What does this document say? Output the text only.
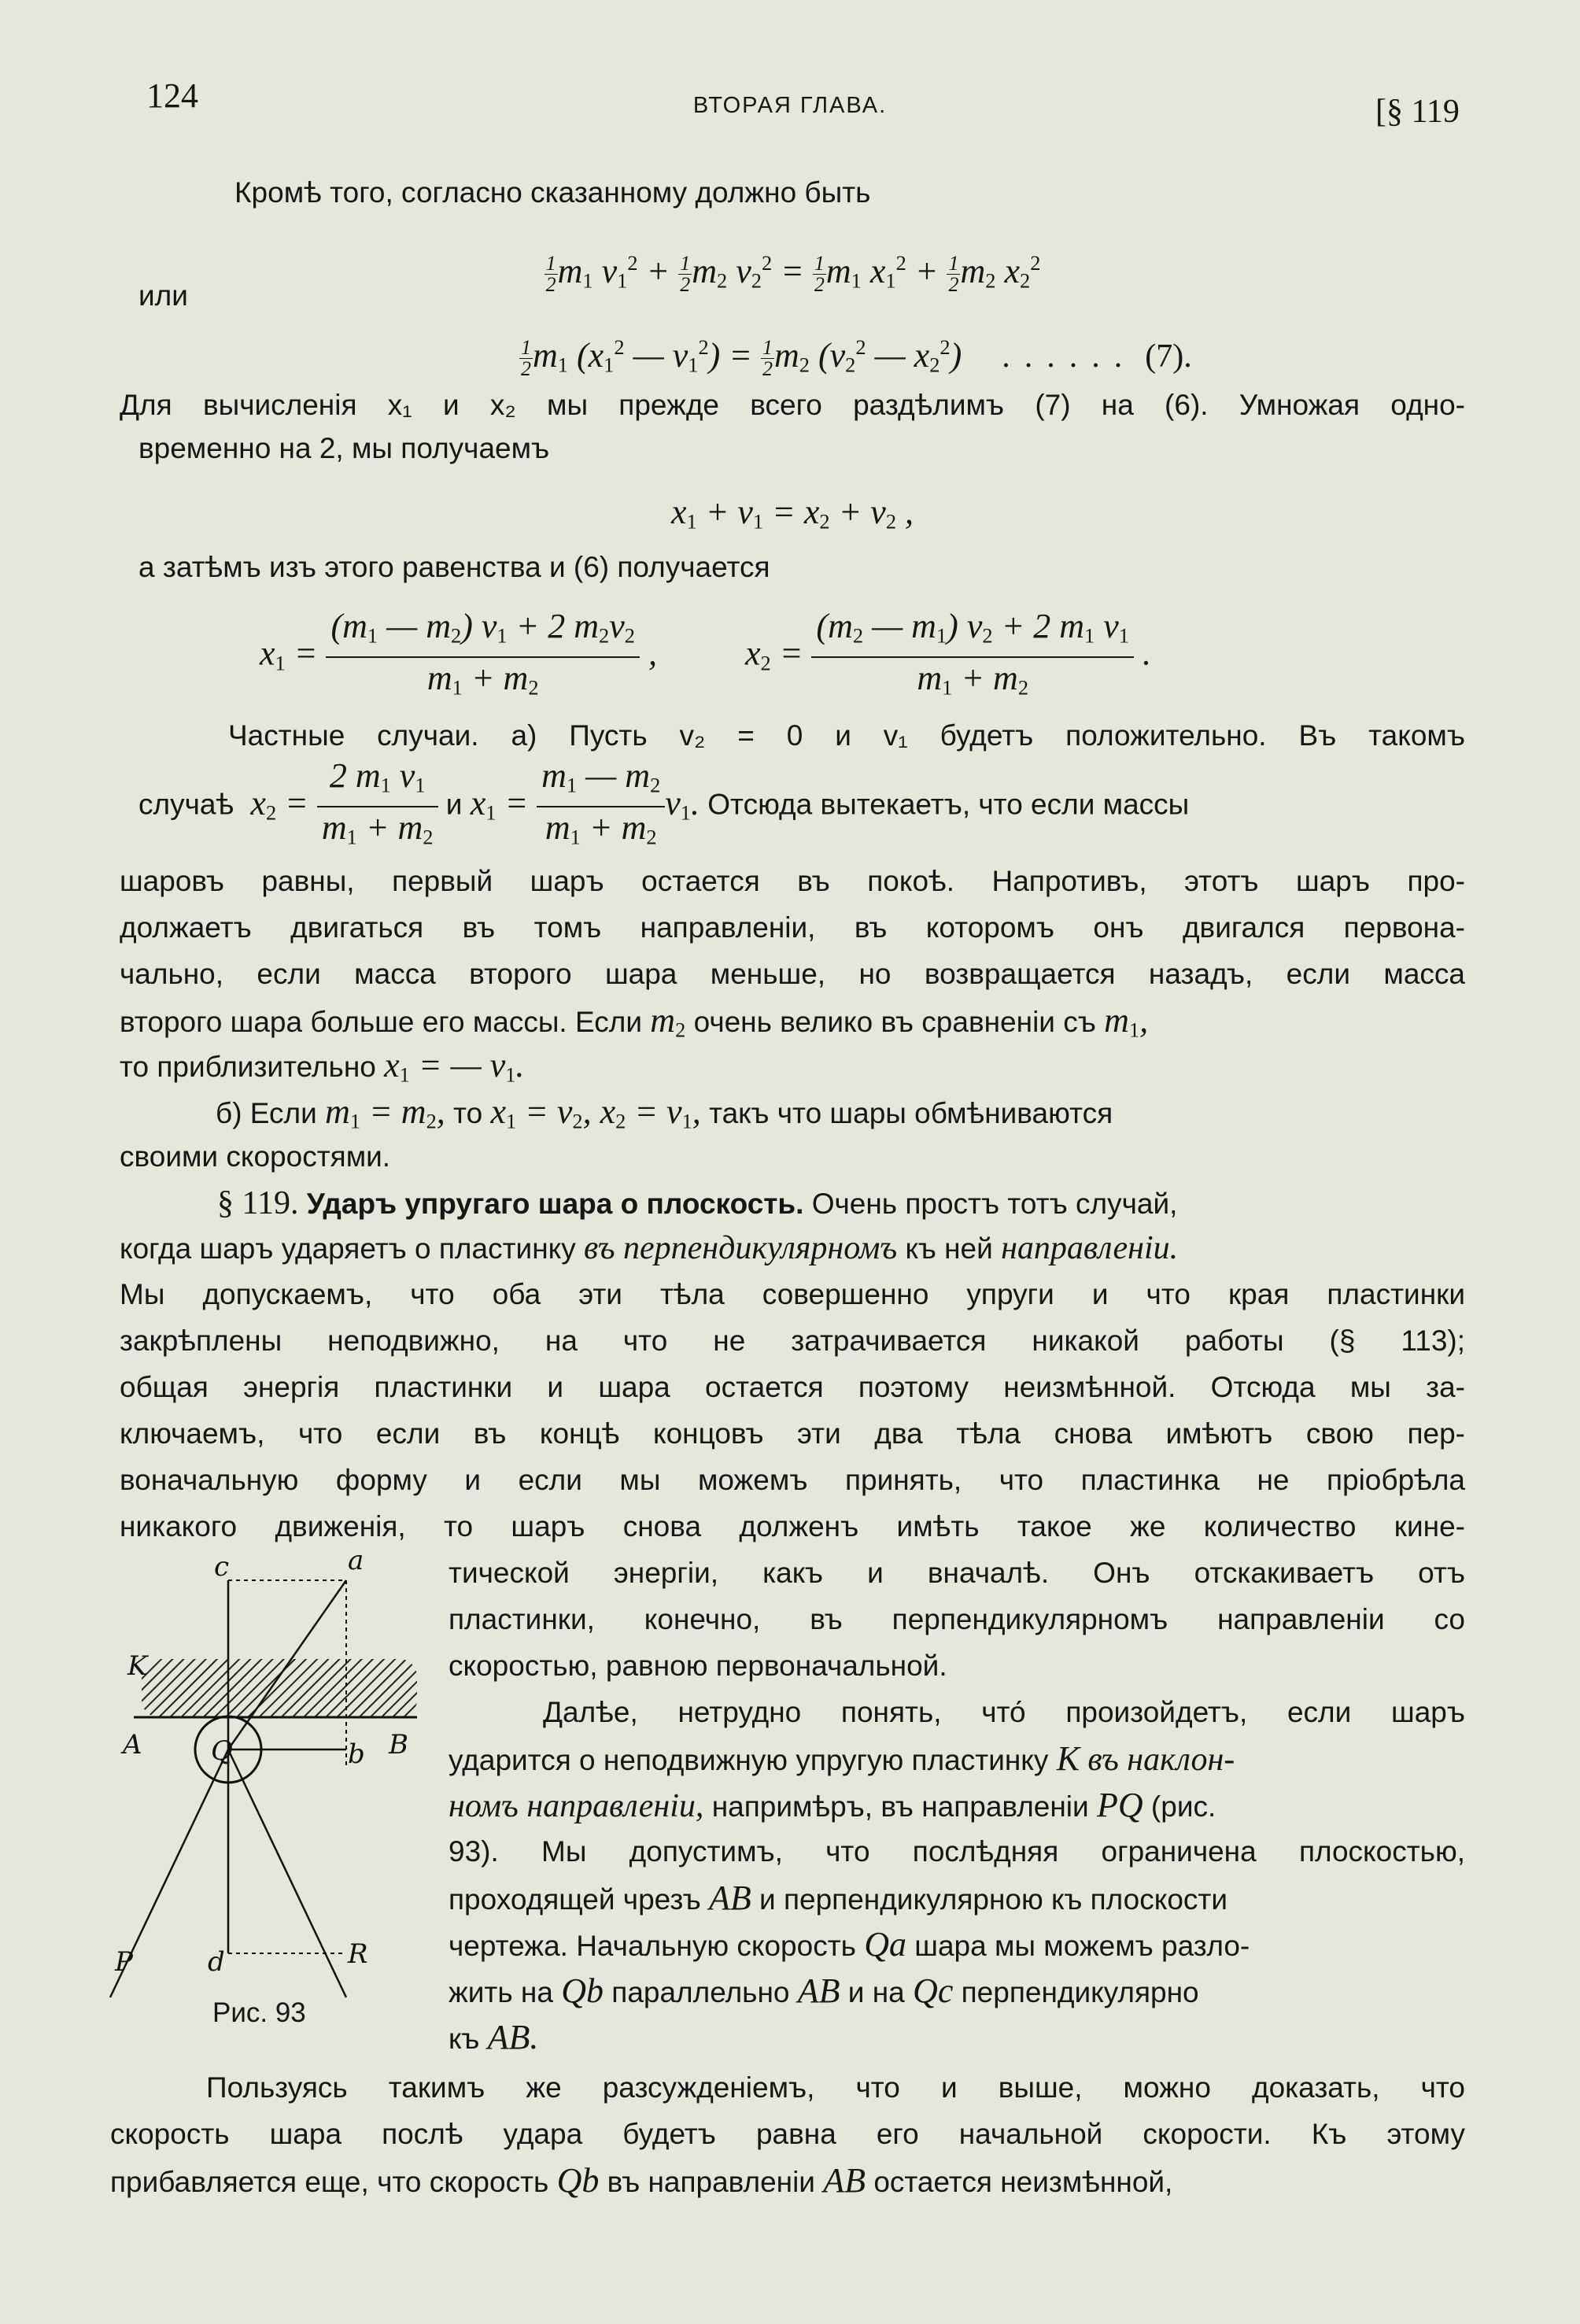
124	ВТОРАЯ ГЛАВА.	[§ 119
Кромѣ того, согласно сказанному должно быть
$\frac{1}{2} m_1$ $v_1^2 + \frac{1}{2} m_2$ $v_2^2 = \frac{1}{2} m_1$ $x_1^2 + \frac{1}{2} m_2$ $x_2^2$
или
$\frac{1}{2} m_1$ ($x_1^2$ — $v_1^2) = \frac{1}{2} m_2$ ($v_2^2$ — $x_2^2$) ...... (7).
Для вычисленія x₁ и x₂ мы прежде всего раздѣлимъ (7) на (6). Умножая одно-
временно на 2, мы получаемъ
$x_1 + v_1 = x_2 + v_2$ ,
а затѣмъ изъ этого равенства и (6) получается
$x_1 = \frac{(m_1 — m_2) v_1 + 2 m_2v_2}{m_1 + m_2}$ ,  $x_2 = \frac{(m_2 — m_1) v_2 + 2 m_1 v_1}{m_1 + m_2}$ .
Частные случаи. а) Пусть v₂ = 0 и v₁ будетъ положительно. Въ такомъ
случаѣ  $x_2 = \frac{2 m_1 v_1}{m_1 + m_2}$ и $x_1 = \frac{m_1 — m_2}{m_1 + m_2} v_1$. Отсюда вытекаетъ, что если массы
шаровъ равны, первый шаръ остается въ покоѣ. Напротивъ, этотъ шаръ про-
должаетъ двигаться въ томъ направленіи, въ которомъ онъ двигался первона-
чально, если масса второго шара меньше, но возвращается назадъ, если масса
второго шара больше его массы. Если $m_2$ очень велико въ сравненіи съ $m_1$,
то приблизительно $x_1$ = — $v_1$.
б) Если $m_1 = m_2$, то $x_1 = v_2$, $x_2 = v_1$, такъ что шары обмѣниваются
своими скоростями.
§ 119. Ударъ упругаго шара о плоскость. Очень простъ тотъ случай,
когда шаръ ударяетъ о пластинку въ перпендикулярномъ къ ней направленіи.
Мы допускаемъ, что оба эти тѣла совершенно упруги и что края пластинки
закрѣплены неподвижно, на что не затрачивается никакой работы (§ 113);
общая энергія пластинки и шара остается поэтому неизмѣнной. Отсюда мы за-
ключаемъ, что если въ концѣ концовъ эти два тѣла снова имѣютъ свою пер-
воначальную форму и если мы можемъ принять, что пластинка не пріобрѣла
никакого движенія, то шаръ снова долженъ имѣть такое же количество кине-
тической энергіи, какъ и вначалѣ. Онъ отскакиваетъ отъ
пластинки, конечно, въ перпендикулярномъ направленіи со
скоростью, равною первоначальной.
Далѣе, нетрудно понять, что́ произойдетъ, если шаръ
ударится о неподвижную упругую пластинку K въ наклон-
номъ направленіи, напримѣръ, въ направленіи PQ (рис.
93). Мы допустимъ, что послѣдняя ограничена плоскостью,
проходящей чрезъ AB и перпендикулярною къ плоскости
чертежа. Начальную скорость Qa шара мы можемъ разло-
жить на Qb параллельно AB и на Qc перпендикулярно
къ AB.
Пользуясь такимъ же разсужденіемъ, что и выше, можно доказать, что
скорость шара послѣ удара будетъ равна его начальной скорости. Къ этому
прибавляется еще, что скорость Qb въ направленіи AB остается неизмѣнной,
c	a
K
A	B
Q	b
P	d	R
Рис. 93
